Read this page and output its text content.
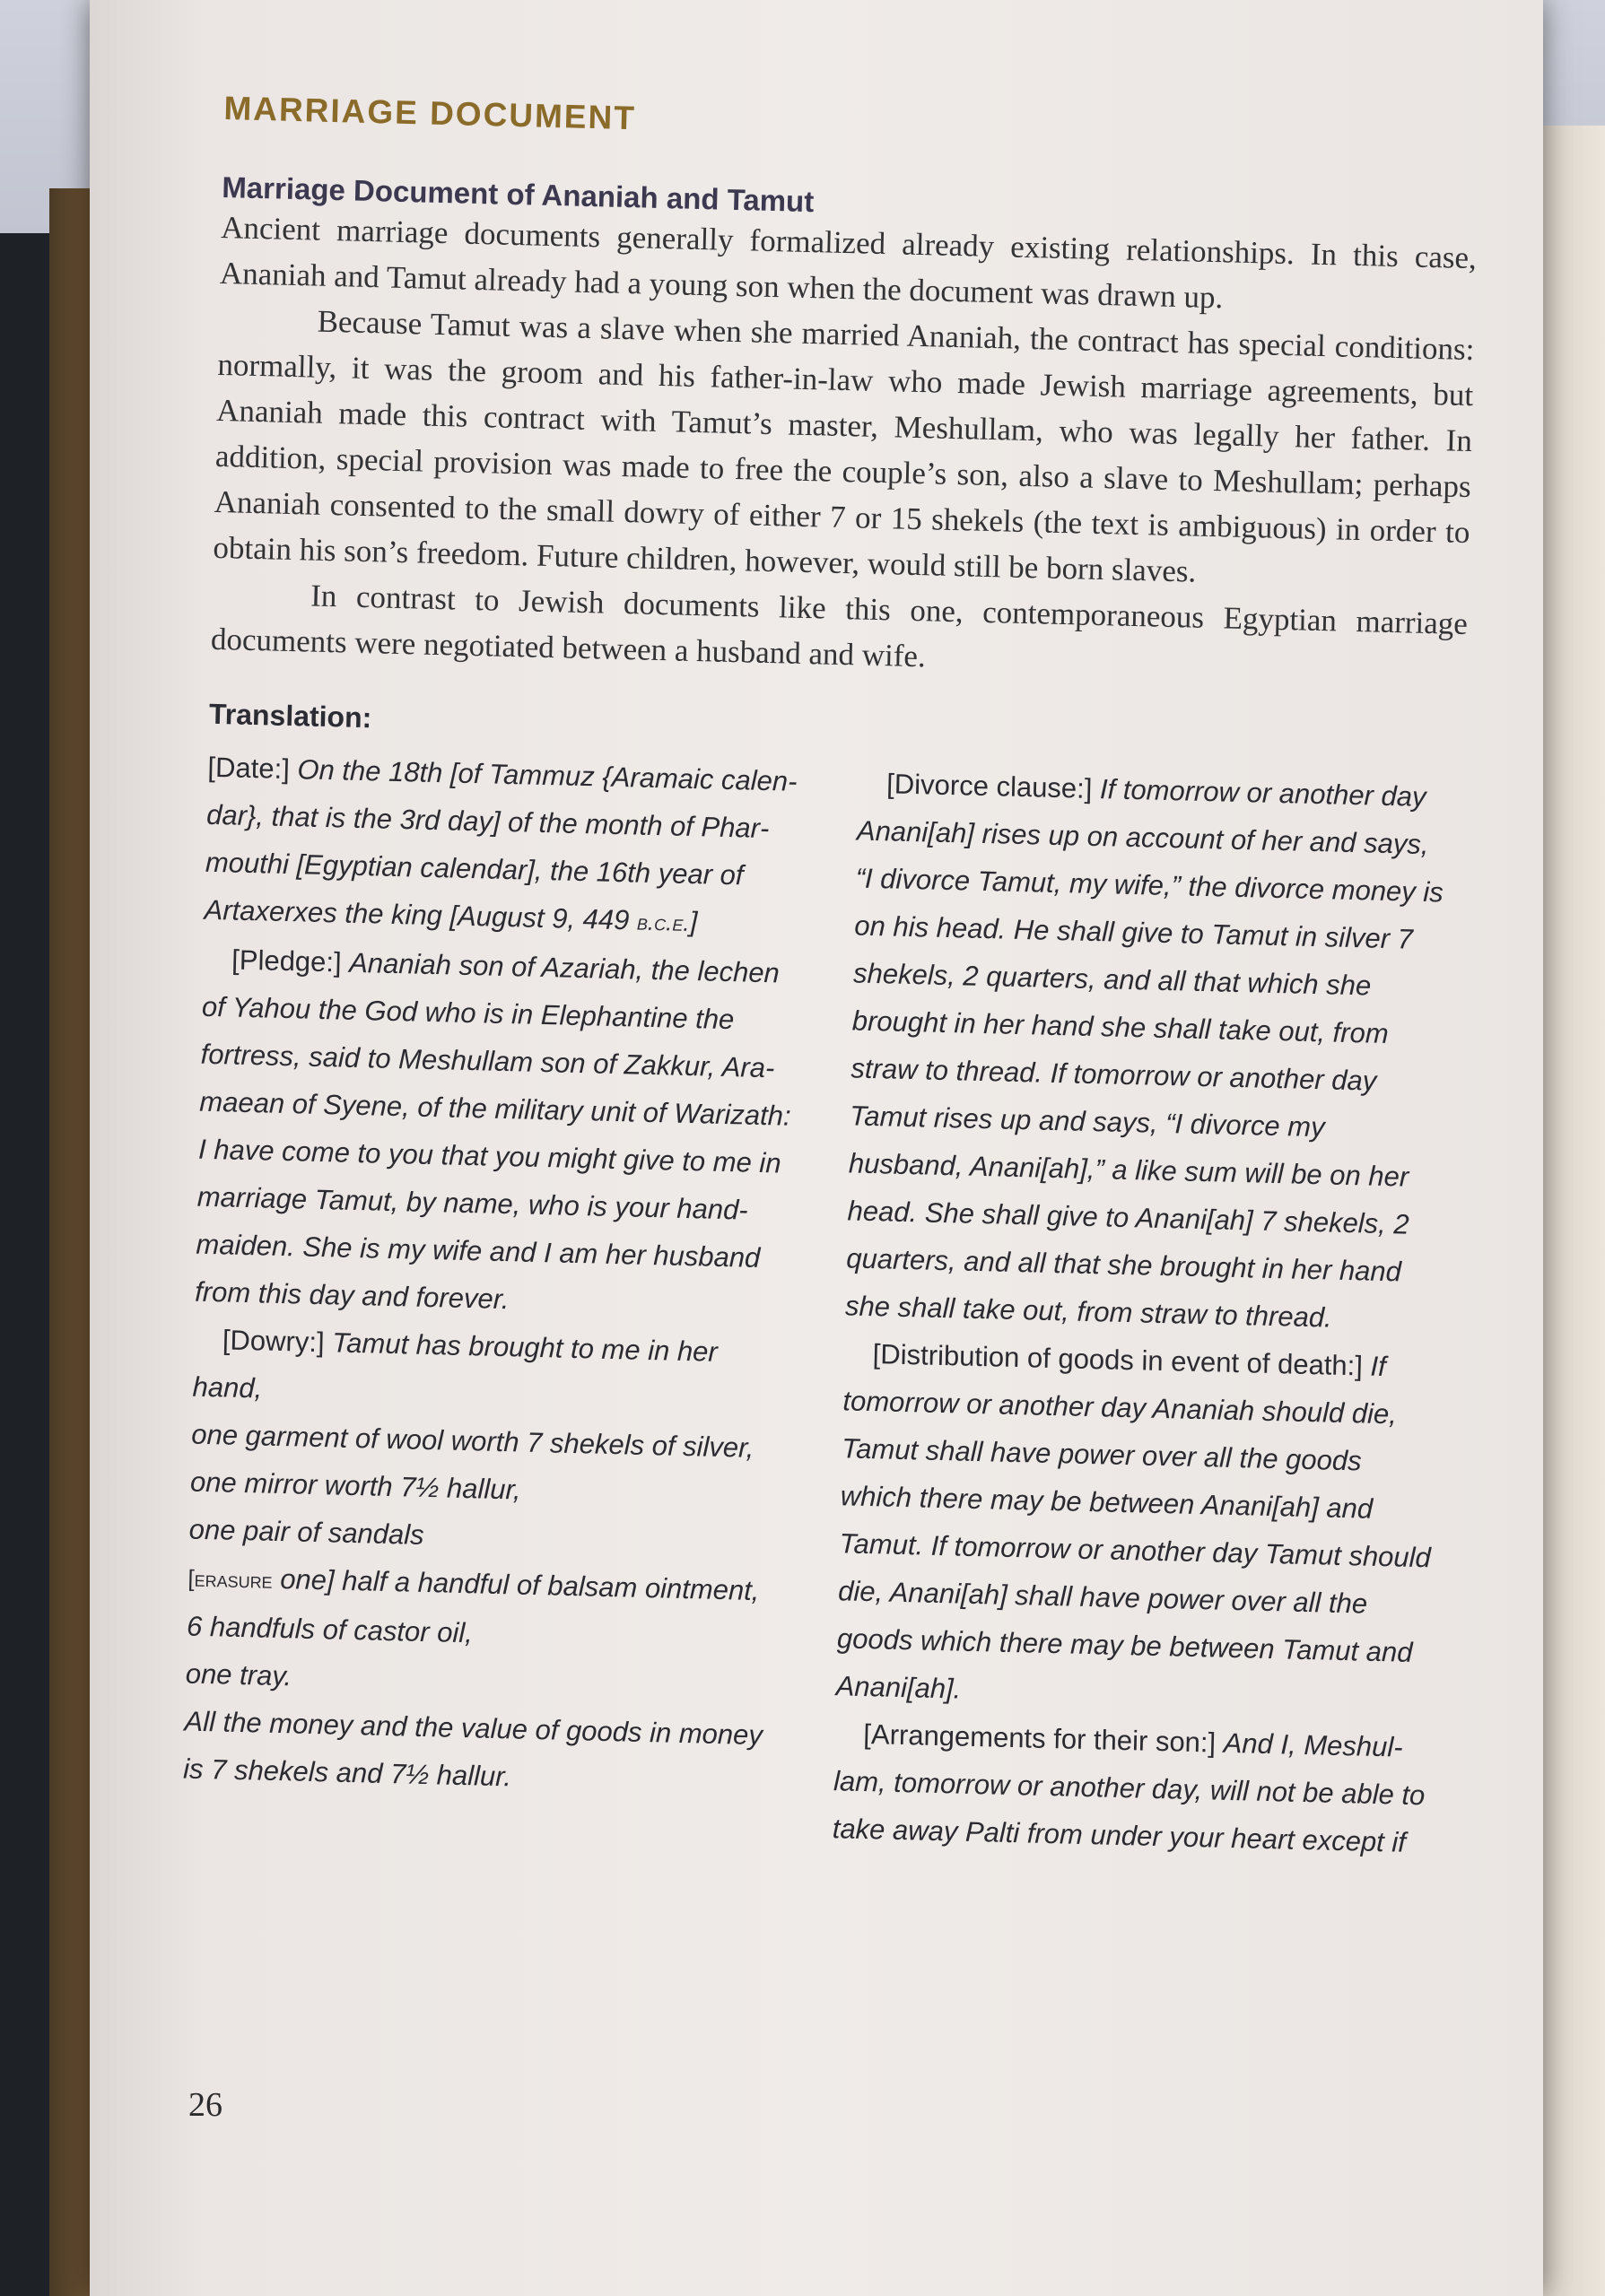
MARRIAGE DOCUMENT
Marriage Document of Ananiah and Tamut

Ancient marriage documents generally formalized already existing relationships. In this case, Ananiah and Tamut already had a young son when the document was drawn up.

Because Tamut was a slave when she married Ananiah, the contract has special conditions: normally, it was the groom and his father-in-law who made Jewish marriage agreements, but Ananiah made this contract with Tamut’s master, Meshullam, who was legally her father. In addition, special provision was made to free the couple’s son, also a slave to Meshullam; perhaps Ananiah consented to the small dowry of either 7 or 15 shekels (the text is ambiguous) in order to obtain his son’s freedom. Future children, however, would still be born slaves.

In contrast to Jewish documents like this one, contemporaneous Egyptian marriage documents were negotiated between a husband and wife.

Translation:

[Date:] On the 18th [of Tammuz {Aramaic calendar}, that is the 3rd day] of the month of Pharmouthi [Egyptian calendar], the 16th year of Artaxerxes the king [August 9, 449 b.c.e.]

[Pledge:] Ananiah son of Azariah, the lechen of Yahou the God who is in Elephantine the fortress, said to Meshullam son of Zakkur, Aramaean of Syene, of the military unit of Warizath: I have come to you that you might give to me in marriage Tamut, by name, who is your handmaiden. She is my wife and I am her husband from this day and forever.

[Dowry:] Tamut has brought to me in her hand,

one garment of wool worth 7 shekels of silver,

one mirror worth 7½ hallur,

one pair of sandals

[erasure one] half a handful of balsam ointment,

6 handfuls of castor oil,

one tray.

All the money and the value of goods in money is 7 shekels and 7½ hallur.

[Divorce clause:] If tomorrow or another day Anani[ah] rises up on account of her and says, “I divorce Tamut, my wife,” the divorce money is on his head. He shall give to Tamut in silver 7 shekels, 2 quarters, and all that which she brought in her hand she shall take out, from straw to thread. If tomorrow or another day Tamut rises up and says, “I divorce my husband, Anani[ah],” a like sum will be on her head. She shall give to Anani[ah] 7 shekels, 2 quarters, and all that she brought in her hand she shall take out, from straw to thread.

[Distribution of goods in event of death:] If tomorrow or another day Ananiah should die, Tamut shall have power over all the goods which there may be between Anani[ah] and Tamut. If tomorrow or another day Tamut should die, Anani[ah] shall have power over all the goods which there may be between Tamut and Anani[ah].

[Arrangements for their son:] And I, Meshullam, tomorrow or another day, will not be able to take away Palti from under your heart except if

26
